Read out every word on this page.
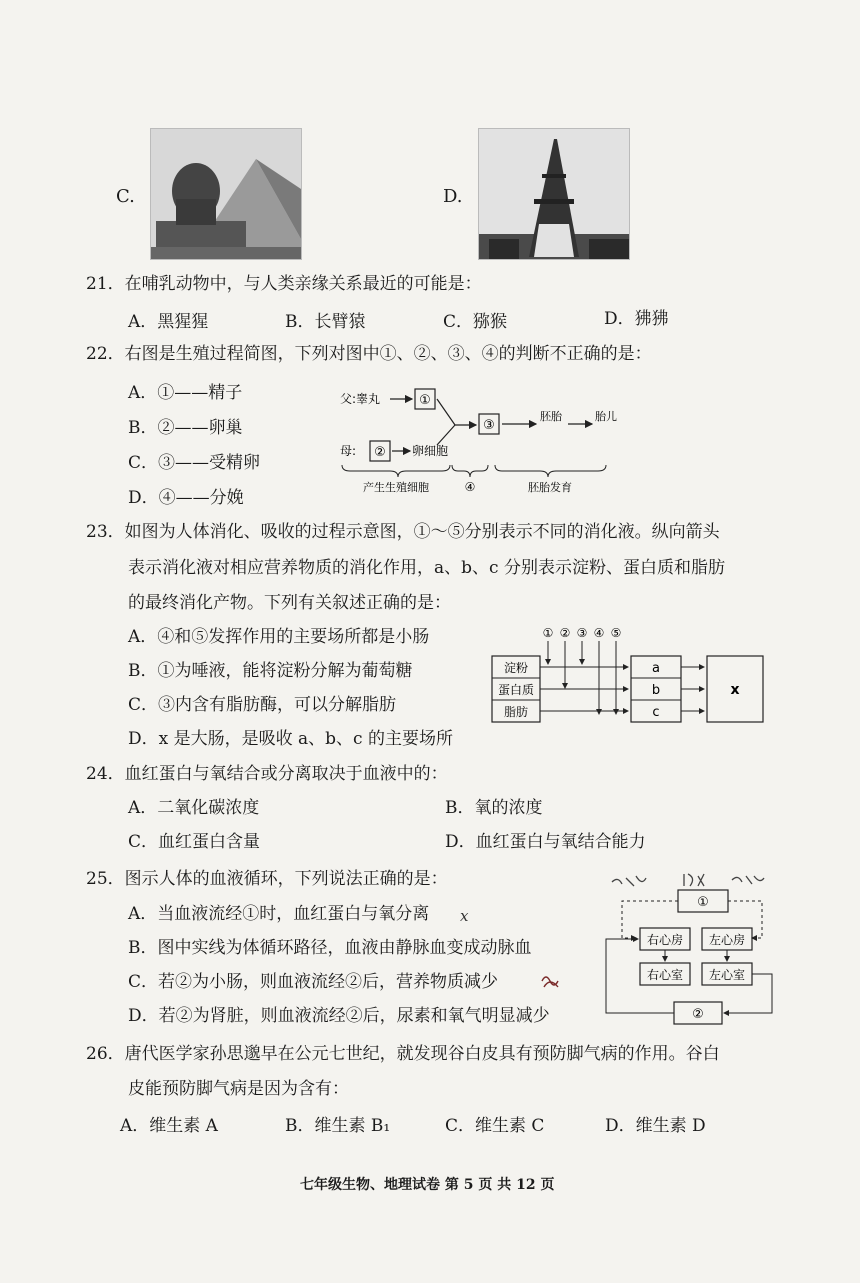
C.	D.
21．在哺乳动物中，与人类亲缘关系最近的可能是：
A．黑猩猩	B．长臂猿	C．猕猴	D．狒狒
22．右图是生殖过程简图，下列对图中①、②、③、④的判断不正确的是：
A．①——精子
B．②——卵巢
C．③——受精卵
D．④——分娩
父:睾丸	①
母: ② 卵细胞
③
胚胎	胎儿
产生生殖细胞	④	胚胎发育
23．如图为人体消化、吸收的过程示意图，①～⑤分别表示不同的消化液。纵向箭头
表示消化液对相应营养物质的消化作用，a、b、c 分别表示淀粉、蛋白质和脂肪
的最终消化产物。下列有关叙述正确的是：
A．④和⑤发挥作用的主要场所都是小肠
B．①为唾液，能将淀粉分解为葡萄糖
C．③内含有脂肪酶，可以分解脂肪
D．x 是大肠，是吸收 a、b、c 的主要场所
① ② ③ ④ ⑤
淀粉
蛋白质
脂肪
a
b
c
x
24．血红蛋白与氧结合或分离取决于血液中的：
A．二氧化碳浓度	B．氧的浓度
C．血红蛋白含量	D．血红蛋白与氧结合能力
25．图示人体的血液循环，下列说法正确的是：
A．当血液流经①时，血红蛋白与氧分离 x
B．图中实线为体循环路径，血液由静脉血变成动脉血
C．若②为小肠，则血液流经②后，营养物质减少
D．若②为肾脏，则血液流经②后，尿素和氧气明显减少
①
右心房 左心房
右心室 左心室
②
26．唐代医学家孙思邈早在公元七世纪，就发现谷白皮具有预防脚气病的作用。谷白
皮能预防脚气病是因为含有：
A．维生素 A	B．维生素 B₁	C．维生素 C	D．维生素 D
七年级生物、地理试卷 第 5 页 共 12 页
